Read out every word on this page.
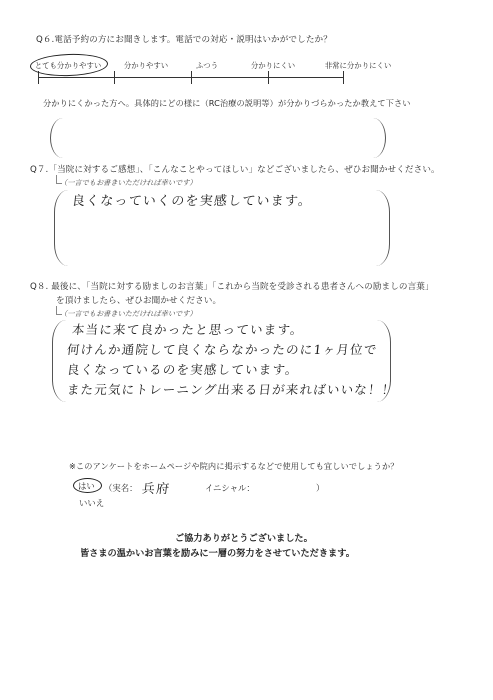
Q６.電話予約の方にお聞きします。電話での対応・説明はいかがでしたか？
とても分かりやすい	分かりやすい	ふつう	分かりにくい	非常に分かりにくい
分かりにくかった方へ。具体的にどの様に（RC治療の説明等）が分かりづらかったか教えて下さい
Q７.「当院に対するご感想」、「こんなことやってほしい」などございましたら、ぜひお聞かせください。
（一言でもお書きいただければ幸いです）
良くなっていくのを実感しています。
Q８. 最後に、「当院に対する励ましのお言葉」「これから当院を受診される患者さんへの励ましの言葉」
を頂けましたら、ぜひお聞かせください。
（一言でもお書きいただければ幸いです）
本当に来て良かったと思っています。
何けんか通院して良くならなかったのに1ヶ月位で
良くなっているのを実感しています。
また元気にトレーニング出来る日が来ればいいな！！
※このアンケートをホームページや院内に掲示するなどで使用しても宜しいでしょうか？
はい
いいえ
（実名： 兵府	イニシャル：	）
ご協力ありがとうございました。
皆さまの温かいお言葉を励みに一層の努力をさせていただきます。
